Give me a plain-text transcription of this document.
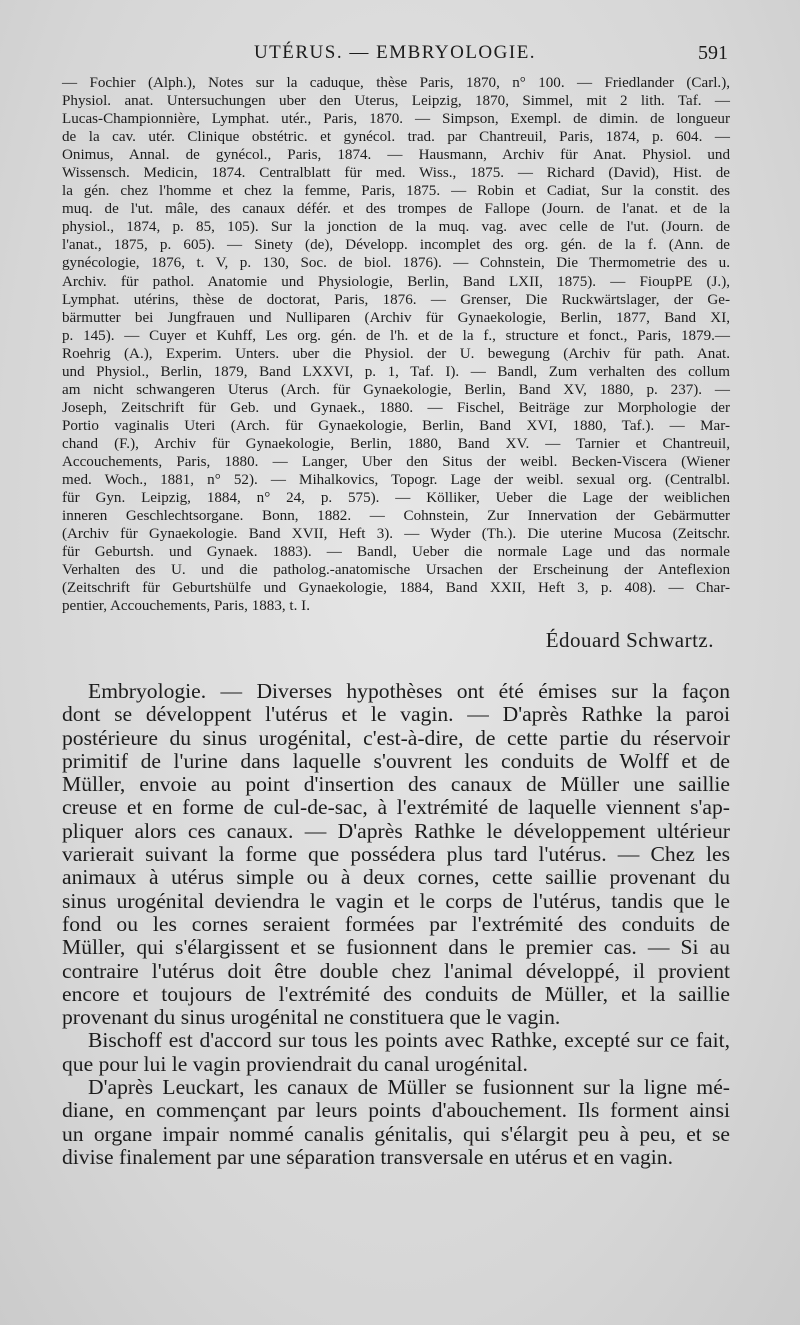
UTÉRUS. — EMBRYOLOGIE.	591
— Fochier (Alph.), Notes sur la caduque, thèse Paris, 1870, n° 100. — Friedlander (Carl.),
Physiol. anat. Untersuchungen uber den Uterus, Leipzig, 1870, Simmel, mit 2 lith. Taf. —
Lucas-Championnière, Lymphat. utér., Paris, 1870. — Simpson, Exempl. de dimin. de longueur
de la cav. utér. Clinique obstétric. et gynécol. trad. par Chantreuil, Paris, 1874, p. 604. —
Onimus, Annal. de gynécol., Paris, 1874. — Hausmann, Archiv für Anat. Physiol. und
Wissensch. Medicin, 1874. Centralblatt für med. Wiss., 1875. — Richard (David), Hist. de
la gén. chez l'homme et chez la femme, Paris, 1875. — Robin et Cadiat, Sur la constit. des
muq. de l'ut. mâle, des canaux défér. et des trompes de Fallope (Journ. de l'anat. et de la
physiol., 1874, p. 85, 105). Sur la jonction de la muq. vag. avec celle de l'ut. (Journ. de
l'anat., 1875, p. 605). — Sinety (de), Développ. incomplet des org. gén. de la f. (Ann. de
gynécologie, 1876, t. V, p. 130, Soc. de biol. 1876). — Cohnstein, Die Thermometrie des u.
Archiv. für pathol. Anatomie und Physiologie, Berlin, Band LXII, 1875). — FioupPE (J.),
Lymphat. utérins, thèse de doctorat, Paris, 1876. — Grenser, Die Ruckwärtslager, der Ge-
bärmutter bei Jungfrauen und Nulliparen (Archiv für Gynaekologie, Berlin, 1877, Band XI,
p. 145). — Cuyer et Kuhff, Les org. gén. de l'h. et de la f., structure et fonct., Paris, 1879.—
Roehrig (A.), Experim. Unters. uber die Physiol. der U. bewegung (Archiv für path. Anat.
und Physiol., Berlin, 1879, Band LXXVI, p. 1, Taf. I). — Bandl, Zum verhalten des collum
am nicht schwangeren Uterus (Arch. für Gynaekologie, Berlin, Band XV, 1880, p. 237). —
Joseph, Zeitschrift für Geb. und Gynaek., 1880. — Fischel, Beiträge zur Morphologie der
Portio vaginalis Uteri (Arch. für Gynaekologie, Berlin, Band XVI, 1880, Taf.). — Mar-
chand (F.), Archiv für Gynaekologie, Berlin, 1880, Band XV. — Tarnier et Chantreuil,
Accouchements, Paris, 1880. — Langer, Uber den Situs der weibl. Becken-Viscera (Wiener
med. Woch., 1881, n° 52). — Mihalkovics, Topogr. Lage der weibl. sexual org. (Centralbl.
für Gyn. Leipzig, 1884, n° 24, p. 575). — Kölliker, Ueber die Lage der weiblichen
inneren Geschlechtsorgane. Bonn, 1882. — Cohnstein, Zur Innervation der Gebärmutter
(Archiv für Gynaekologie. Band XVII, Heft 3). — Wyder (Th.). Die uterine Mucosa (Zeitschr.
für Geburtsh. und Gynaek. 1883). — Bandl, Ueber die normale Lage und das normale
Verhalten des U. und die patholog.-anatomische Ursachen der Erscheinung der Anteflexion
(Zeitschrift für Geburtshülfe und Gynaekologie, 1884, Band XXII, Heft 3, p. 408). — Char-
pentier, Accouchements, Paris, 1883, t. I.
Édouard Schwartz.

Embryologie. — Diverses hypothèses ont été émises sur la façon
dont se développent l'utérus et le vagin. — D'après Rathke la paroi
postérieure du sinus urogénital, c'est-à-dire, de cette partie du réservoir
primitif de l'urine dans laquelle s'ouvrent les conduits de Wolff et de
Müller, envoie au point d'insertion des canaux de Müller une saillie
creuse et en forme de cul-de-sac, à l'extrémité de laquelle viennent s'ap-
pliquer alors ces canaux. — D'après Rathke le développement ultérieur
varierait suivant la forme que possédera plus tard l'utérus. — Chez les
animaux à utérus simple ou à deux cornes, cette saillie provenant du
sinus urogénital deviendra le vagin et le corps de l'utérus, tandis que le
fond ou les cornes seraient formées par l'extrémité des conduits de
Müller, qui s'élargissent et se fusionnent dans le premier cas. — Si au
contraire l'utérus doit être double chez l'animal développé, il provient
encore et toujours de l'extrémité des conduits de Müller, et la saillie
provenant du sinus urogénital ne constituera que le vagin.

Bischoff est d'accord sur tous les points avec Rathke, excepté sur ce fait,
que pour lui le vagin proviendrait du canal urogénital.

D'après Leuckart, les canaux de Müller se fusionnent sur la ligne mé-
diane, en commençant par leurs points d'abouchement. Ils forment ainsi
un organe impair nommé canalis génitalis, qui s'élargit peu à peu, et se
divise finalement par une séparation transversale en utérus et en vagin.
